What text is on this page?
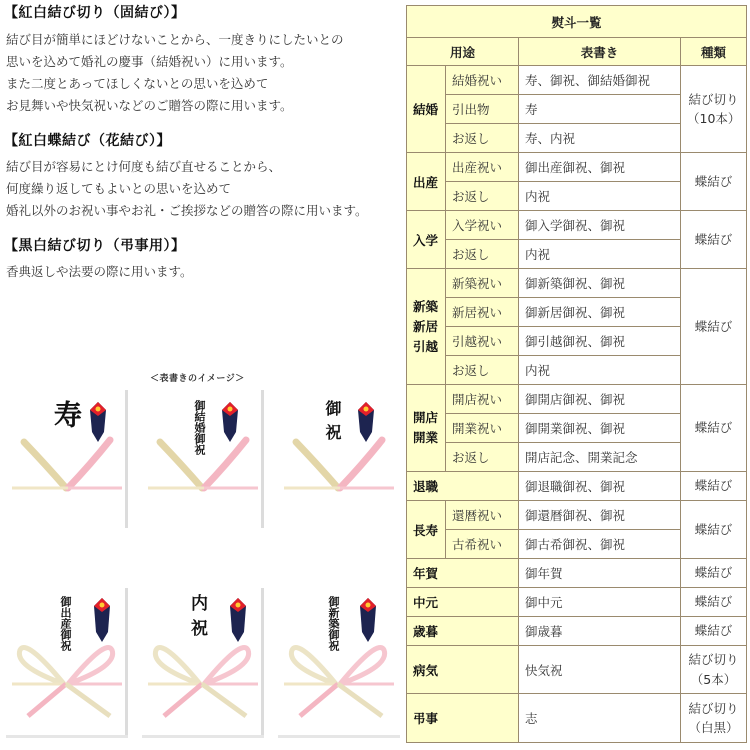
【紅白結び切り（固結び）】
結び目が簡単にほどけないことから、一度きりにしたいとの
思いを込めて婚礼の慶事（結婚祝い）に用います。
また二度とあってほしくないとの思いを込めて
お見舞いや快気祝いなどのご贈答の際に用います。
【紅白蝶結び（花結び）】
結び目が容易にとけ何度も結び直せることから、
何度繰り返してもよいとの思いを込めて
婚礼以外のお祝い事やお礼・ご挨拶などの贈答の際に用います。
【黒白結び切り（弔事用）】
香典返しや法要の際に用います。
＜表書きのイメージ＞
寿	御結婚御祝	御祝
御出産御祝	内祝	御新築御祝
熨斗一覧			
用途		表書き	種類
結婚	結婚祝い	寿、御祝、御結婚御祝	結び切り
（10本）
	引出物	寿	
	お返し	寿、内祝	
出産	出産祝い	御出産御祝、御祝	蝶結び
	お返し	内祝	
入学	入学祝い	御入学御祝、御祝	蝶結び
	お返し	内祝	
新築
新居
引越	新築祝い	御新築御祝、御祝	蝶結び
	新居祝い	御新居御祝、御祝	
	引越祝い	御引越御祝、御祝	
	お返し	内祝	
開店
開業	開店祝い	御開店御祝、御祝	蝶結び
	開業祝い	御開業御祝、御祝	
	お返し	開店記念、開業記念	
退職		御退職御祝、御祝	蝶結び
長寿	還暦祝い	御還暦御祝、御祝	蝶結び
	古希祝い	御古希御祝、御祝	
年賀		御年賀	蝶結び
中元		御中元	蝶結び
歳暮		御歳暮	蝶結び
病気		快気祝	結び切り
（5本）
弔事		志	結び切り
（白黒）
